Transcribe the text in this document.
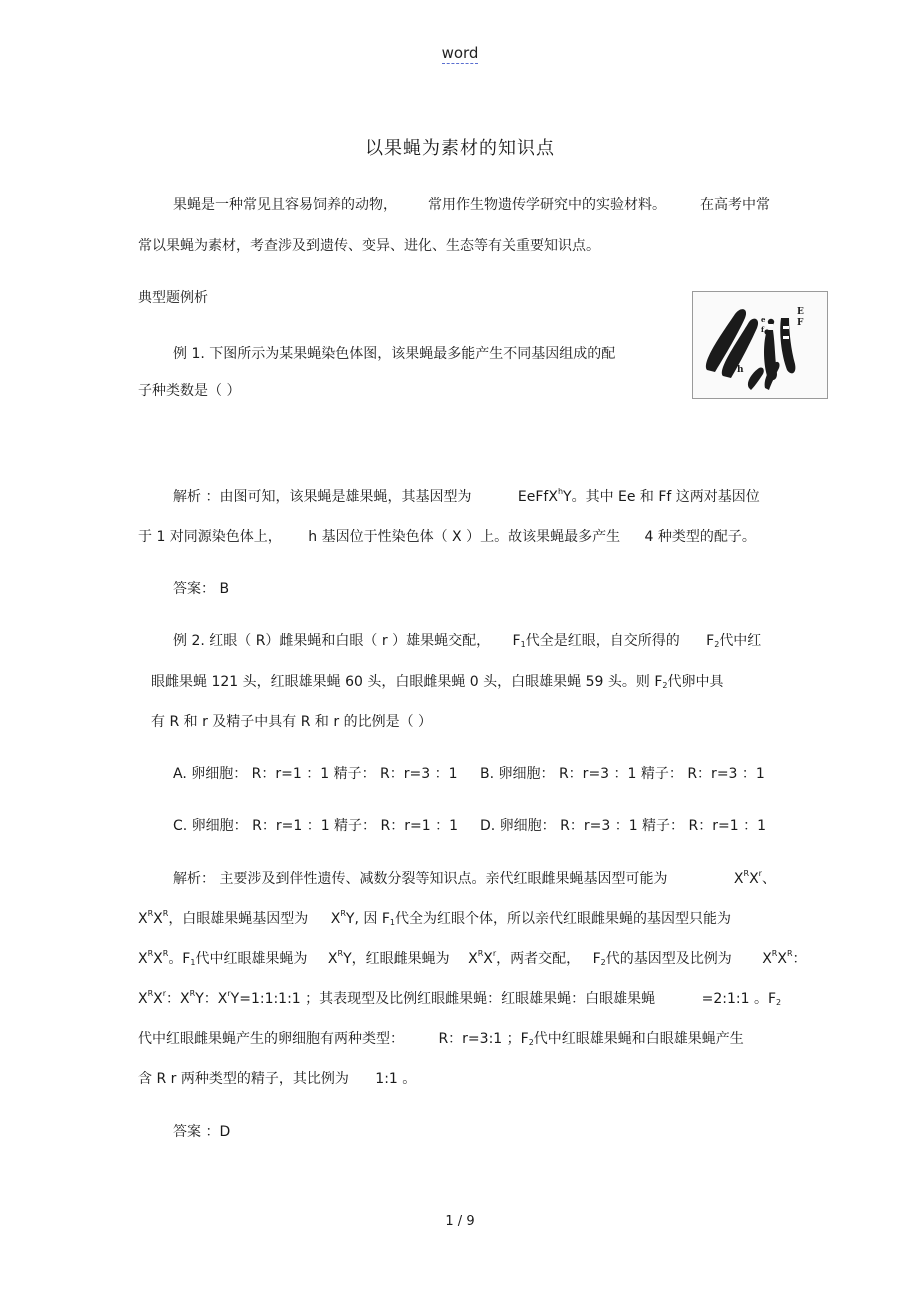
word
以果蝇为素材的知识点
果蝇是一种常见且容易饲养的动物， 常用作生物遗传学研究中的实验材料。 在高考中常
常以果蝇为素材，考查涉及到遗传、变异、进化、生态等有关重要知识点。
典型题例析
E
F
e
f
h
例 1. 下图所示为某果蝇染色体图，该果蝇最多能产生不同基因组成的配
子种类数是（ ）
解析 ：由图可知，该果蝇是雄果蝇，其基因型为	EeFfX$^h$Y。其中 Ee 和 Ff 这两对基因位
于 1 对同源染色体上， h 基因位于性染色体（ X ）上。故该果蝇最多产生 4 种类型的配子。
答案： B
例 2. 红眼（ R）雌果蝇和白眼（ r ）雄果蝇交配， $F_1$代全是红眼，自交所得的 $F_2$代中红
眼雌果蝇 121 头，红眼雄果蝇 60 头，白眼雌果蝇 0 头，白眼雄果蝇 59 头。则 $F_2$代卵中具
有 R 和 r 及精子中具有 R 和 r 的比例是（ ）
A. 卵细胞： R：r=1 ：1 精子： R：r=3 ：1 B. 卵细胞： R：r=3 ：1 精子： R：r=3 ：1
C. 卵细胞： R：r=1 ：1 精子： R：r=1 ：1 D. 卵细胞： R：r=3 ：1 精子： R：r=1 ：1
解析： 主要涉及到伴性遗传、减数分裂等知识点。亲代红眼雌果蝇基因型可能为	$X^RX^r$、
$X^RX^R$，白眼雄果蝇基因型为 $X^RY$, 因 $F_1$代全为红眼个体，所以亲代红眼雌果蝇的基因型只能为
$X^RX^R$。$F_1$代中红眼雄果蝇为 $X^RY$，红眼雌果蝇为 $X^RX^r$，两者交配， $F_2$代的基因型及比例为 $X^RX^R$：
$X^RX^r$：$X^RY$：$X^rY=1:1:1:1$ ；其表现型及比例红眼雌果蝇：红眼雄果蝇：白眼雄果蝇	=2:1:1 。$F_2$
代中红眼雌果蝇产生的卵细胞有两种类型： R：r=3:1 ；$F_2$代中红眼雄果蝇和白眼雄果蝇产生
含 R r 两种类型的精子，其比例为 1:1 。
答案 ：D
1 / 9
